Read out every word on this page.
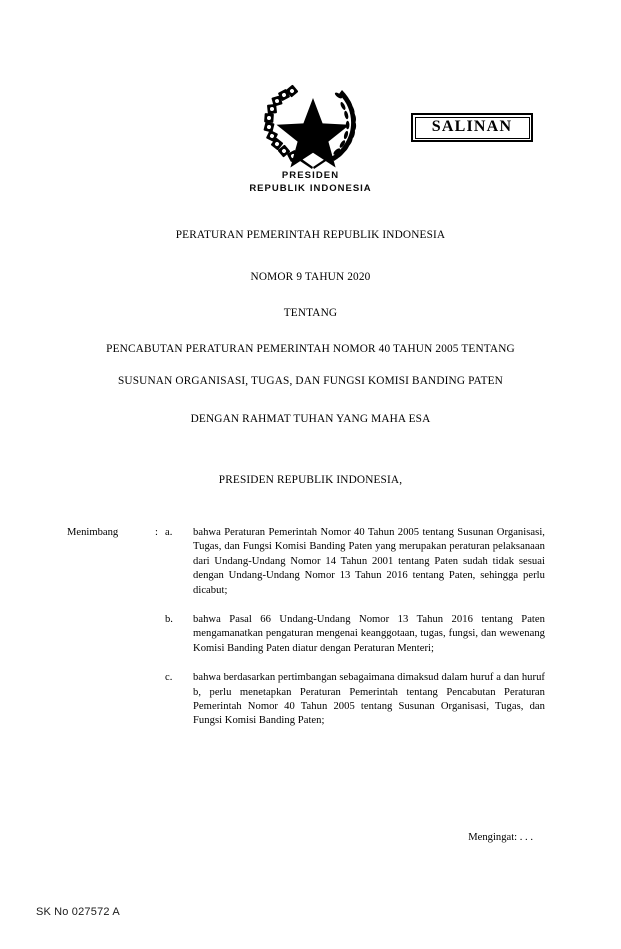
PRESIDEN
REPUBLIK INDONESIA
SALINAN
PERATURAN PEMERINTAH REPUBLIK INDONESIA
NOMOR 9 TAHUN 2020
TENTANG
PENCABUTAN PERATURAN PEMERINTAH NOMOR 40 TAHUN 2005 TENTANG
SUSUNAN ORGANISASI, TUGAS, DAN FUNGSI KOMISI BANDING PATEN
DENGAN RAHMAT TUHAN YANG MAHA ESA
PRESIDEN REPUBLIK INDONESIA,
Menimbang	: a. bahwa Peraturan Pemerintah Nomor 40 Tahun 2005 tentang Susunan Organisasi, Tugas, dan Fungsi Komisi Banding Paten yang merupakan peraturan pelaksanaan dari Undang-Undang Nomor 14 Tahun 2001 tentang Paten sudah tidak sesuai dengan Undang-Undang Nomor 13 Tahun 2016 tentang Paten, sehingga perlu dicabut;

b. bahwa Pasal 66 Undang-Undang Nomor 13 Tahun 2016 tentang Paten mengamanatkan pengaturan mengenai keanggotaan, tugas, fungsi, dan wewenang Komisi Banding Paten diatur dengan Peraturan Menteri;

c. bahwa berdasarkan pertimbangan sebagaimana dimaksud dalam huruf a dan huruf b, perlu menetapkan Peraturan Pemerintah tentang Pencabutan Peraturan Pemerintah Nomor 40 Tahun 2005 tentang Susunan Organisasi, Tugas, dan Fungsi Komisi Banding Paten;

Mengingat: . . .
SK No 027572 A
